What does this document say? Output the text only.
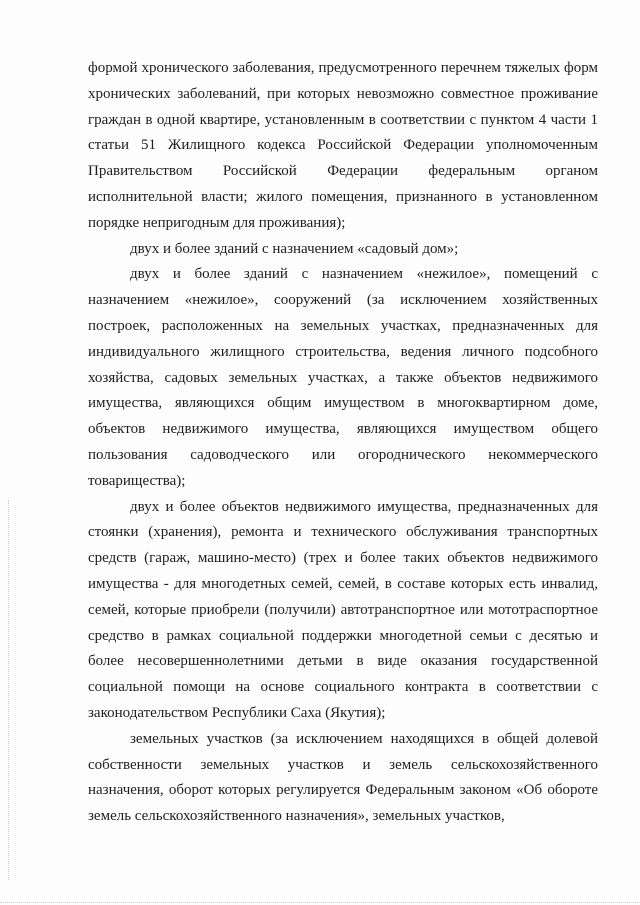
формой хронического заболевания, предусмотренного перечнем тяжелых форм хронических заболеваний, при которых невозможно совместное проживание граждан в одной квартире, установленным в соответствии с пунктом 4 части 1 статьи 51 Жилищного кодекса Российской Федерации уполномоченным Правительством Российской Федерации федеральным органом исполнительной власти; жилого помещения, признанного в установленном порядке непригодным для проживания);

двух и более зданий с назначением «садовый дом»;

двух и более зданий с назначением «нежилое», помещений с назначением «нежилое», сооружений (за исключением хозяйственных построек, расположенных на земельных участках, предназначенных для индивидуального жилищного строительства, ведения личного подсобного хозяйства, садовых земельных участках, а также объектов недвижимого имущества, являющихся общим имуществом в многоквартирном доме, объектов недвижимого имущества, являющихся имуществом общего пользования садоводческого или огороднического некоммерческого товарищества);

двух и более объектов недвижимого имущества, предназначенных для стоянки (хранения), ремонта и технического обслуживания транспортных средств (гараж, машино-место) (трех и более таких объектов недвижимого имущества - для многодетных семей, семей, в составе которых есть инвалид, семей, которые приобрели (получили) автотранспортное или мототраспортное средство в рамках социальной поддержки многодетной семьи с десятью и более несовершеннолетними детьми в виде оказания государственной социальной помощи на основе социального контракта в соответствии с законодательством Республики Саха (Якутия);

земельных участков (за исключением находящихся в общей долевой собственности земельных участков и земель сельскохозяйственного назначения, оборот которых регулируется Федеральным законом «Об обороте земель сельскохозяйственного назначения», земельных участков,
